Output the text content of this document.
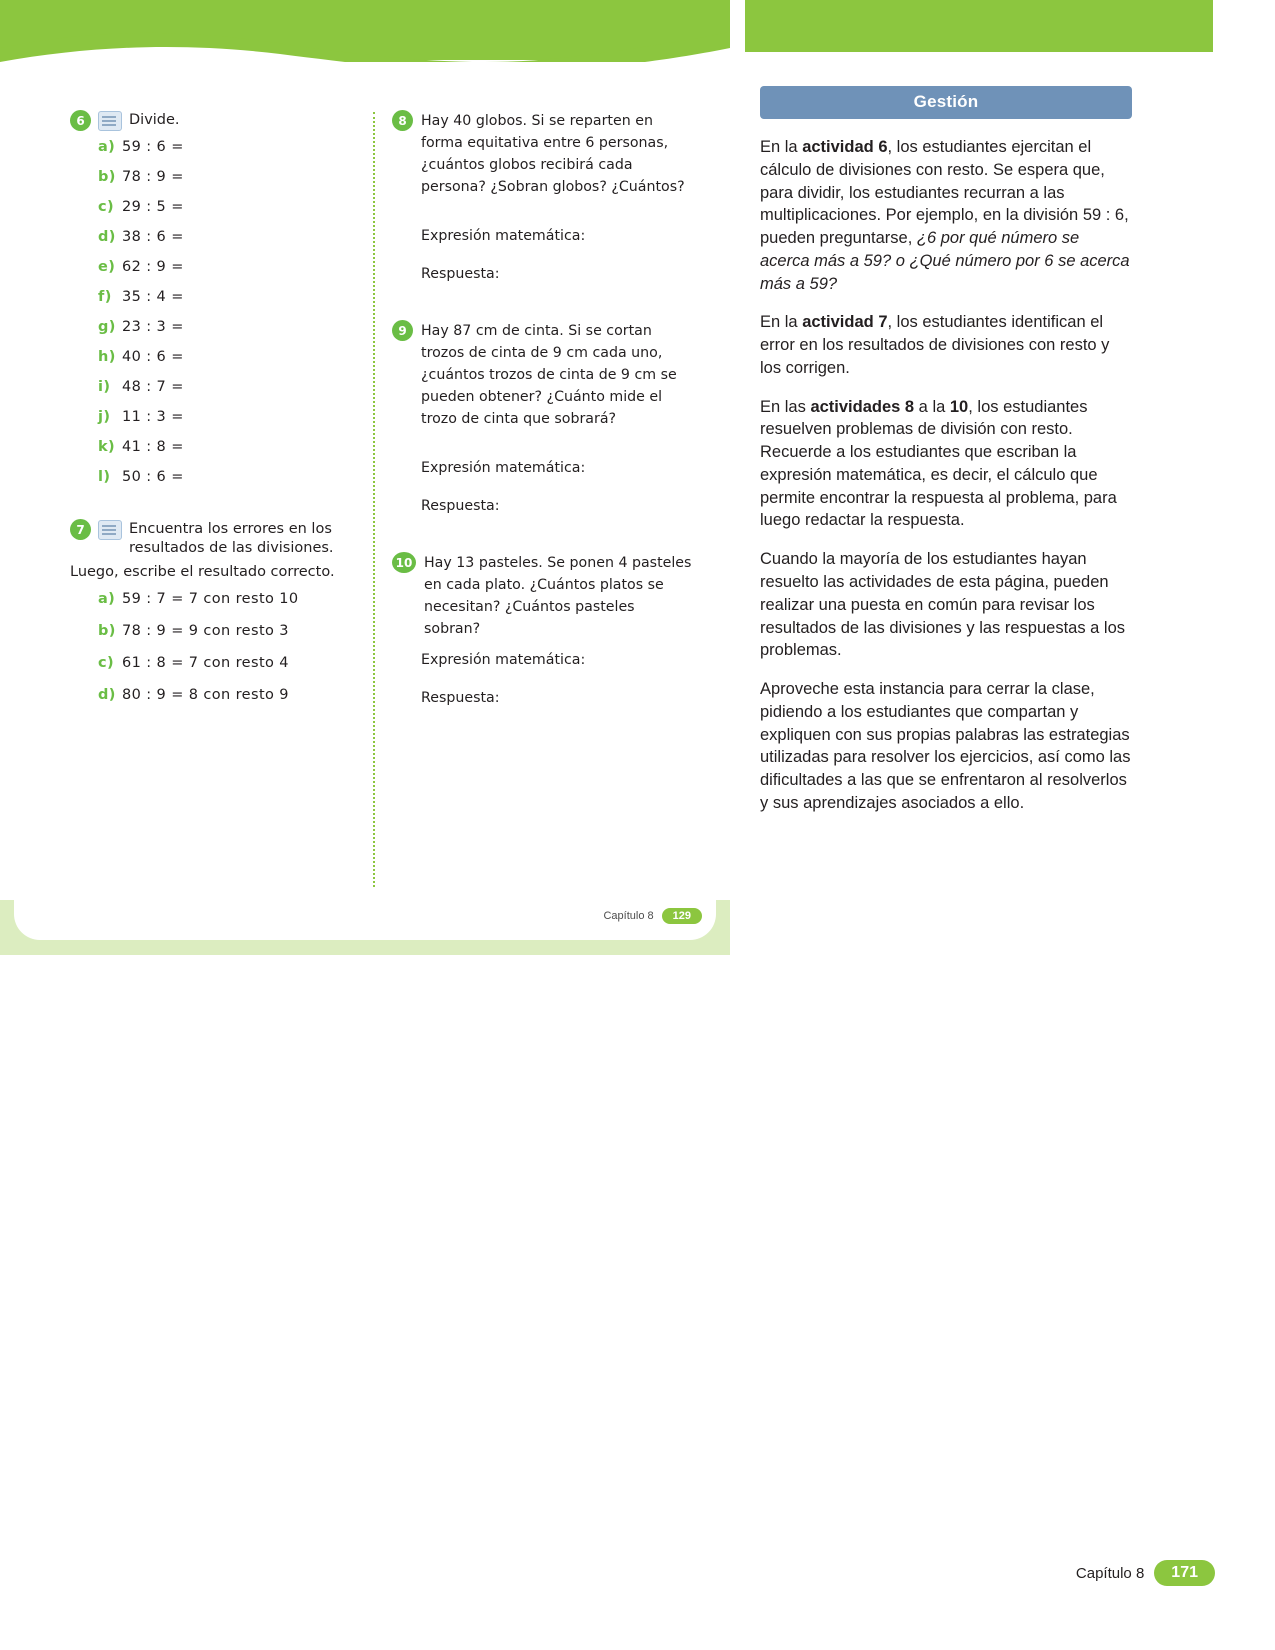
6	Divide.
a) 59 : 6 =
b) 78 : 9 =
c) 29 : 5 =
d) 38 : 6 =
e) 62 : 9 =
f) 35 : 4 =
g) 23 : 3 =
h) 40 : 6 =
i) 48 : 7 =
j) 11 : 3 =
k) 41 : 8 =
l) 50 : 6 =
7	Encuentra los errores en los resultados de las divisiones.
Luego, escribe el resultado correcto.
a) 59 : 7 = 7 con resto 10
b) 78 : 9 = 9 con resto 3
c) 61 : 8 = 7 con resto 4
d) 80 : 9 = 8 con resto 9
8	Hay 40 globos. Si se reparten en forma equitativa entre 6 personas, ¿cuántos globos recibirá cada persona? ¿Sobran globos? ¿Cuántos?
Expresión matemática:
Respuesta:
9	Hay 87 cm de cinta. Si se cortan trozos de cinta de 9 cm cada uno, ¿cuántos trozos de cinta de 9 cm se pueden obtener? ¿Cuánto mide el trozo de cinta que sobrará?
Expresión matemática:
Respuesta:
10 Hay 13 pasteles. Se ponen 4 pasteles en cada plato. ¿Cuántos platos se necesitan? ¿Cuántos pasteles sobran?
Expresión matemática:
Respuesta:
Capítulo 8	129
Gestión

En la actividad 6, los estudiantes ejercitan el cálculo de divisiones con resto. Se espera que, para dividir, los estudiantes recurran a las multiplicaciones. Por ejemplo, en la división 59 : 6, pueden preguntarse, ¿6 por qué número se acerca más a 59? o ¿Qué número por 6 se acerca más a 59?

En la actividad 7, los estudiantes identifican el error en los resultados de divisiones con resto y los corrigen.

En las actividades 8 a la 10, los estudiantes resuelven problemas de división con resto. Recuerde a los estudiantes que escriban la expresión matemática, es decir, el cálculo que permite encontrar la respuesta al problema, para luego redactar la respuesta.

Cuando la mayoría de los estudiantes hayan resuelto las actividades de esta página, pueden realizar una puesta en común para revisar los resultados de las divisiones y las respuestas a los problemas.

Aproveche esta instancia para cerrar la clase, pidiendo a los estudiantes que compartan y expliquen con sus propias palabras las estrategias utilizadas para resolver los ejercicios, así como las dificultades a las que se enfrentaron al resolverlos y sus aprendizajes asociados a ello.

Capítulo 8	171
